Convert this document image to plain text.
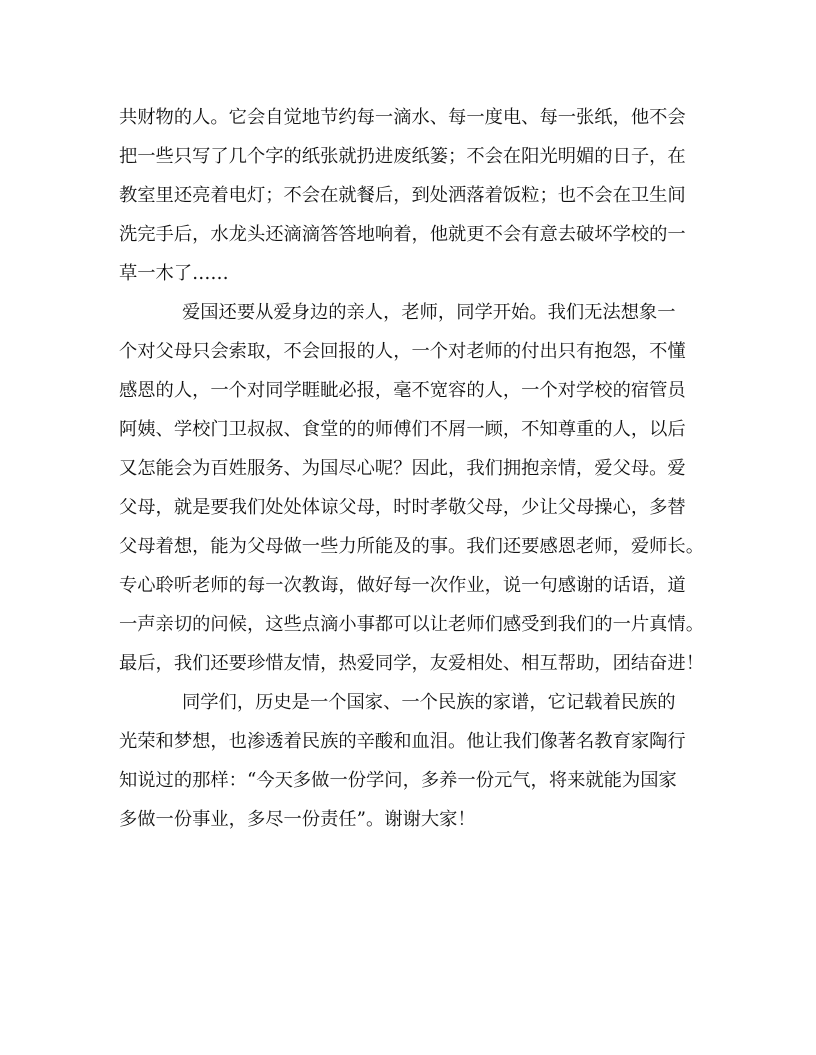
共财物的人。它会自觉地节约每一滴水、每一度电、每一张纸，他不会
把一些只写了几个字的纸张就扔进废纸篓；不会在阳光明媚的日子，在
教室里还亮着电灯；不会在就餐后，到处洒落着饭粒；也不会在卫生间
洗完手后，水龙头还滴滴答答地响着，他就更不会有意去破坏学校的一
草一木了……
爱国还要从爱身边的亲人，老师，同学开始。我们无法想象一
个对父母只会索取，不会回报的人，一个对老师的付出只有抱怨，不懂
感恩的人，一个对同学睚眦必报，毫不宽容的人，一个对学校的宿管员
阿姨、学校门卫叔叔、食堂的的师傅们不屑一顾，不知尊重的人，以后
又怎能会为百姓服务、为国尽心呢？因此，我们拥抱亲情，爱父母。爱
父母，就是要我们处处体谅父母，时时孝敬父母，少让父母操心，多替
父母着想，能为父母做一些力所能及的事。我们还要感恩老师，爱师长。
专心聆听老师的每一次教诲，做好每一次作业，说一句感谢的话语，道
一声亲切的问候，这些点滴小事都可以让老师们感受到我们的一片真情。
最后，我们还要珍惜友情，热爱同学，友爱相处、相互帮助，团结奋进！
同学们，历史是一个国家、一个民族的家谱，它记载着民族的
光荣和梦想，也渗透着民族的辛酸和血泪。他让我们像著名教育家陶行
知说过的那样：“今天多做一份学问，多养一份元气，将来就能为国家
多做一份事业，多尽一份责任”。谢谢大家！
